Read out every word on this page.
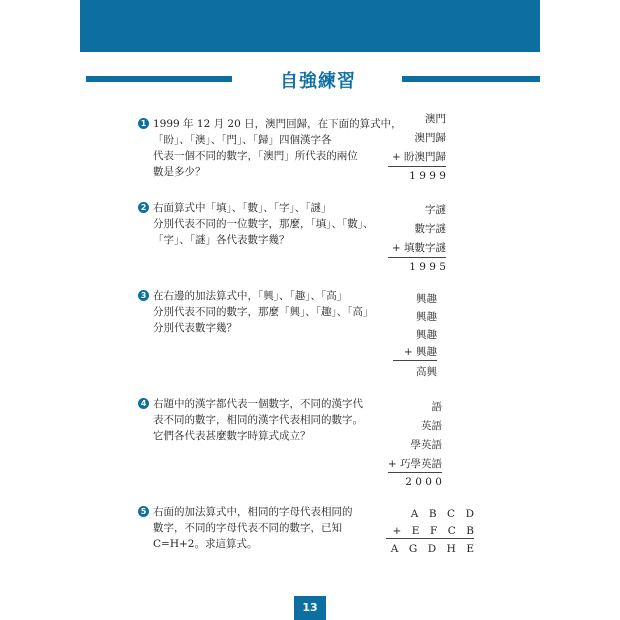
自強練習
1 1999 年 12 月 20 日，澳門回歸，在下面的算式中，
「盼」、「澳」、「門」、「歸」四個漢字各
代表一個不同的數字，「澳門」所代表的兩位
數是多少？
澳門
澳門歸
+ 盼澳門歸
1 9 9 9
2 右面算式中「填」、「數」、「字」、「謎」
分別代表不同的一位數字，那麼，「填」、「數」、
「字」、「謎」各代表數字幾？
字謎
數字謎
+ 填數字謎
1 9 9 5
3 在右邊的加法算式中，「興」、「趣」、「高」
分別代表不同的數字，那麼「興」、「趣」、「高」
分別代表數字幾？
興趣
興趣
興趣
+ 興趣
高興
4 右題中的漢字都代表一個數字，不同的漢字代
表不同的數字，相同的漢字代表相同的數字。
它們各代表甚麼數字時算式成立？
語
英語
學英語
+ 巧學英語
2 0 0 0
5 右面的加法算式中，相同的字母代表相同的
數字，不同的字母代表不同的數字，已知
C=H+2。求這算式。
A　B　C　D
+　E　F　C　B
A　G　D　H　E
13
